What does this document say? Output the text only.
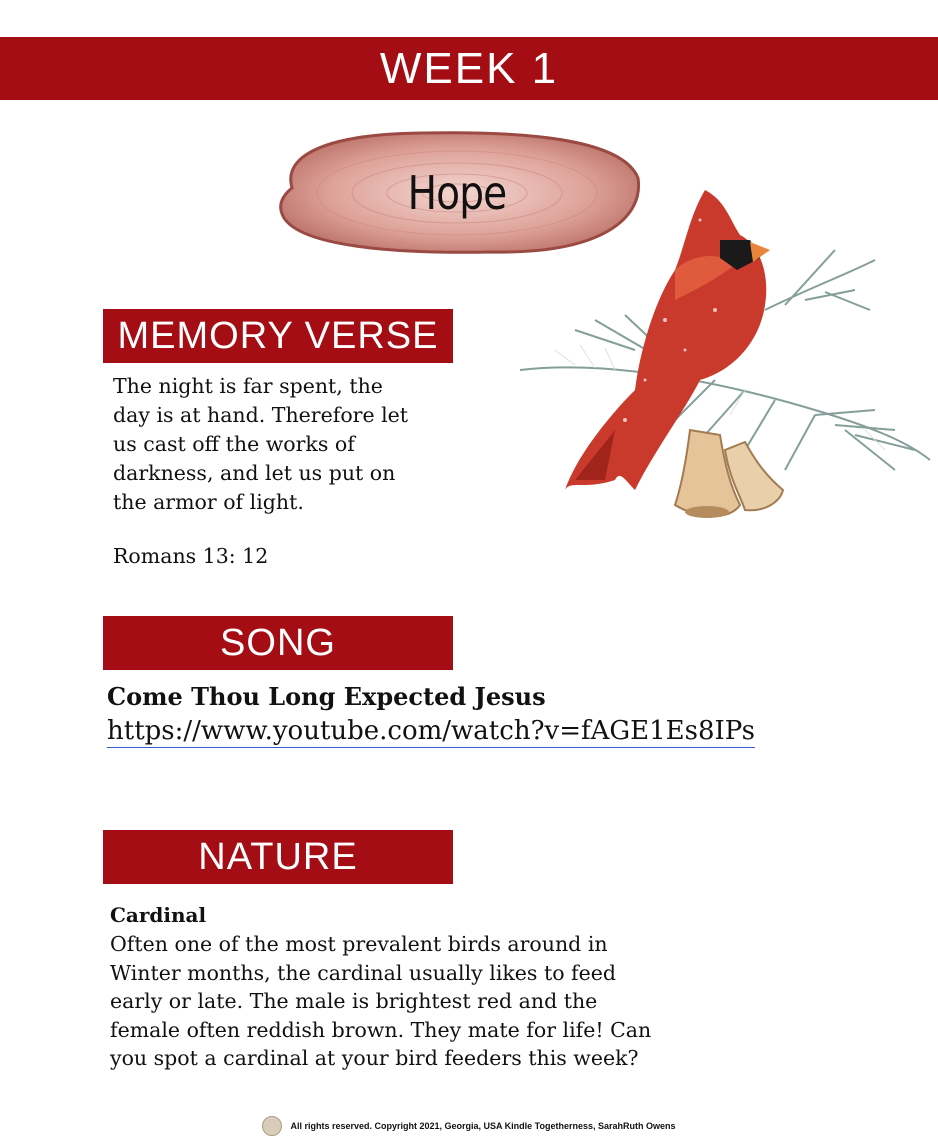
WEEK 1
Hope
MEMORY VERSE
The night is far spent, the
day is at hand. Therefore let
us cast off the works of
darkness, and let us put on
the armor of light.
Romans 13: 12
SONG
Come Thou Long Expected Jesus
https://www.youtube.com/watch?v=fAGE1Es8IPs
NATURE
Cardinal
Often one of the most prevalent birds around in
Winter months, the cardinal usually likes to feed
early or late. The male is brightest red and the
female often reddish brown. They mate for life! Can
you spot a cardinal at your bird feeders this week?
All rights reserved. Copyright 2021, Georgia, USA Kindle Togetherness, SarahRuth Owens
